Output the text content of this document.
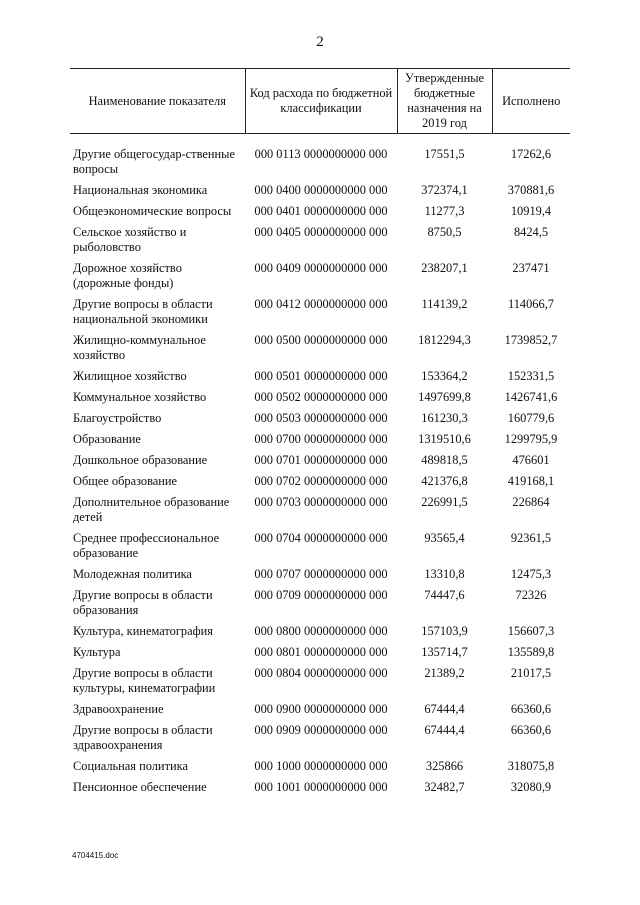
2
Наименование показателя	Код расхода по бюджетной классификации	Утвержденные бюджетные назначения на 2019 год	Исполнено
Другие общегосудар-ственные вопросы	000 0113 0000000000 000	17551,5	17262,6
Национальная экономика	000 0400 0000000000 000	372374,1	370881,6
Общеэкономические вопросы	000 0401 0000000000 000	11277,3	10919,4
Сельское хозяйство и рыболовство	000 0405 0000000000 000	8750,5	8424,5
Дорожное хозяйство (дорожные фонды)	000 0409 0000000000 000	238207,1	237471
Другие вопросы в области национальной экономики	000 0412 0000000000 000	114139,2	114066,7
Жилищно-коммунальное хозяйство	000 0500 0000000000 000	1812294,3	1739852,7
Жилищное хозяйство	000 0501 0000000000 000	153364,2	152331,5
Коммунальное хозяйство	000 0502 0000000000 000	1497699,8	1426741,6
Благоустройство	000 0503 0000000000 000	161230,3	160779,6
Образование	000 0700 0000000000 000	1319510,6	1299795,9
Дошкольное образование	000 0701 0000000000 000	489818,5	476601
Общее образование	000 0702 0000000000 000	421376,8	419168,1
Дополнительное образование детей	000 0703 0000000000 000	226991,5	226864
Среднее профессиональное образование	000 0704 0000000000 000	93565,4	92361,5
Молодежная политика	000 0707 0000000000 000	13310,8	12475,3
Другие вопросы в области образования	000 0709 0000000000 000	74447,6	72326
Культура, кинематография	000 0800 0000000000 000	157103,9	156607,3
Культура	000 0801 0000000000 000	135714,7	135589,8
Другие вопросы в области культуры, кинематографии	000 0804 0000000000 000	21389,2	21017,5
Здравоохранение	000 0900 0000000000 000	67444,4	66360,6
Другие вопросы в области здравоохранения	000 0909 0000000000 000	67444,4	66360,6
Социальная политика	000 1000 0000000000 000	325866	318075,8
Пенсионное обеспечение	000 1001 0000000000 000	32482,7	32080,9
4704415.doc
